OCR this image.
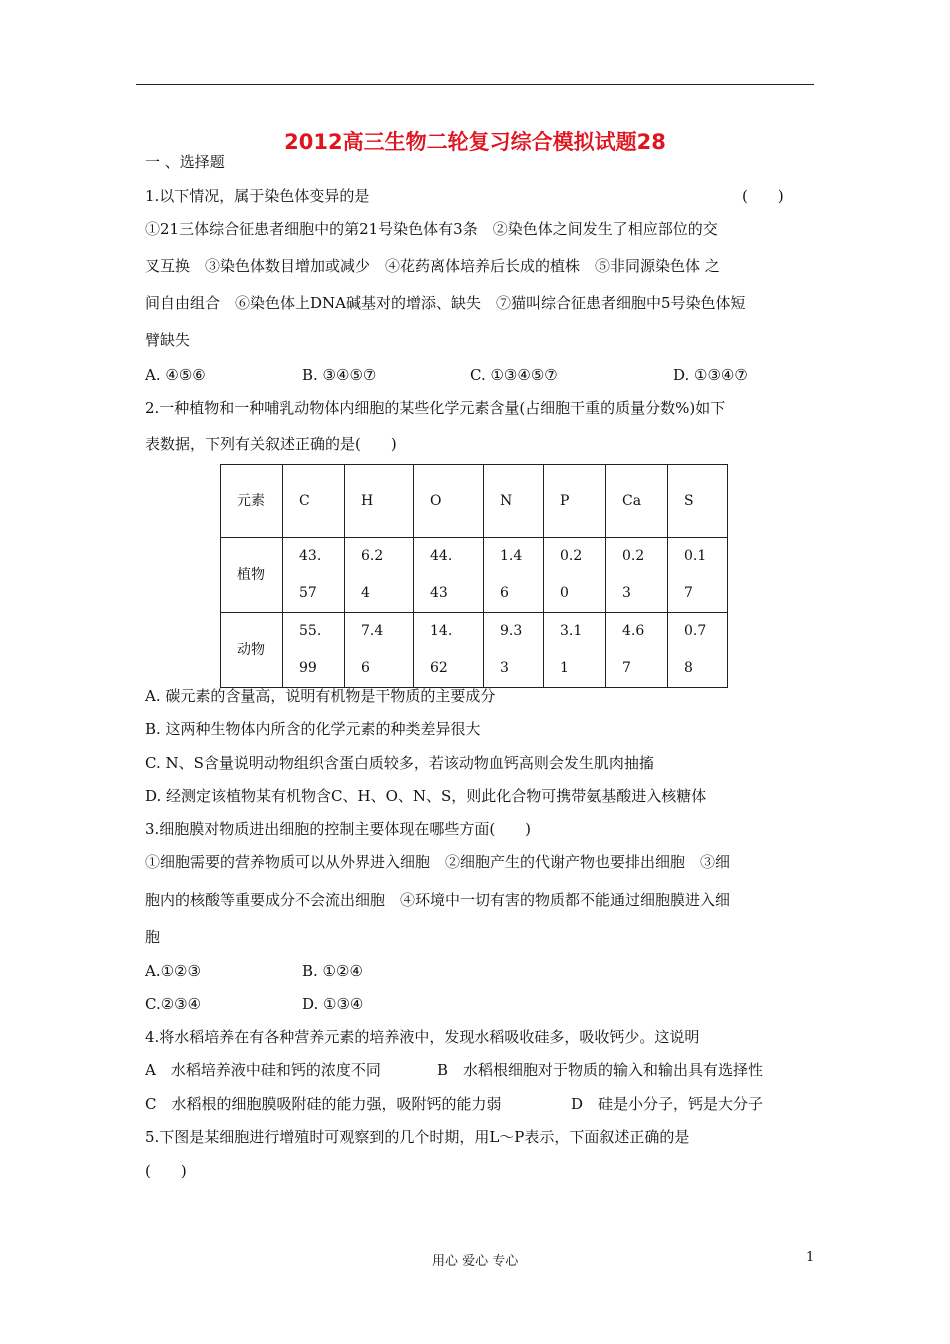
2012高三生物二轮复习综合模拟试题28
一 、选择题
1.以下情况，属于染色体变异的是	(　　)
①21三体综合征患者细胞中的第21号染色体有3条　②染色体之间发生了相应部位的交
叉互换　③染色体数目增加或减少　④花药离体培养后长成的植株　⑤非同源染色体 之
间自由组合　⑥染色体上DNA碱基对的增添、缺失　⑦猫叫综合征患者细胞中5号染色体短
臂缺失
A. ④⑤⑥	B. ③④⑤⑦	C. ①③④⑤⑦	D. ①③④⑦
2.一种植物和一种哺乳动物体内细胞的某些化学元素含量(占细胞干重的质量分数%)如下
表数据，下列有关叙述正确的是(　　)
元素	C	H	O	N	P	Ca	S

植物	43.57	6.24	44.43	1.46	0.20	0.23	0.17

动物	55.99	7.46	14.62	9.33	3.11	4.67	0.78
A. 碳元素的含量高，说明有机物是干物质的主要成分
B. 这两种生物体内所含的化学元素的种类差异很大
C. N、S含量说明动物组织含蛋白质较多，若该动物血钙高则会发生肌肉抽搐
D. 经测定该植物某有机物含C、H、O、N、S，则此化合物可携带氨基酸进入核糖体
3.细胞膜对物质进出细胞的控制主要体现在哪些方面(　　)
①细胞需要的营养物质可以从外界进入细胞　②细胞产生的代谢产物也要排出细胞　③细
胞内的核酸等重要成分不会流出细胞　④环境中一切有害的物质都不能通过细胞膜进入细
胞
A.①②③	B. ①②④
C.②③④	D. ①③④
4.将水稻培养在有各种营养元素的培养液中，发现水稻吸收硅多，吸收钙少。这说明
A　水稻培养液中硅和钙的浓度不同	B　水稻根细胞对于物质的输入和输出具有选择性
C　水稻根的细胞膜吸附硅的能力强，吸附钙的能力弱	D　硅是小分子，钙是大分子
5.下图是某细胞进行增殖时可观察到的几个时期，用L～P表示，下面叙述正确的是
(　　)
用心 爱心 专心	1
